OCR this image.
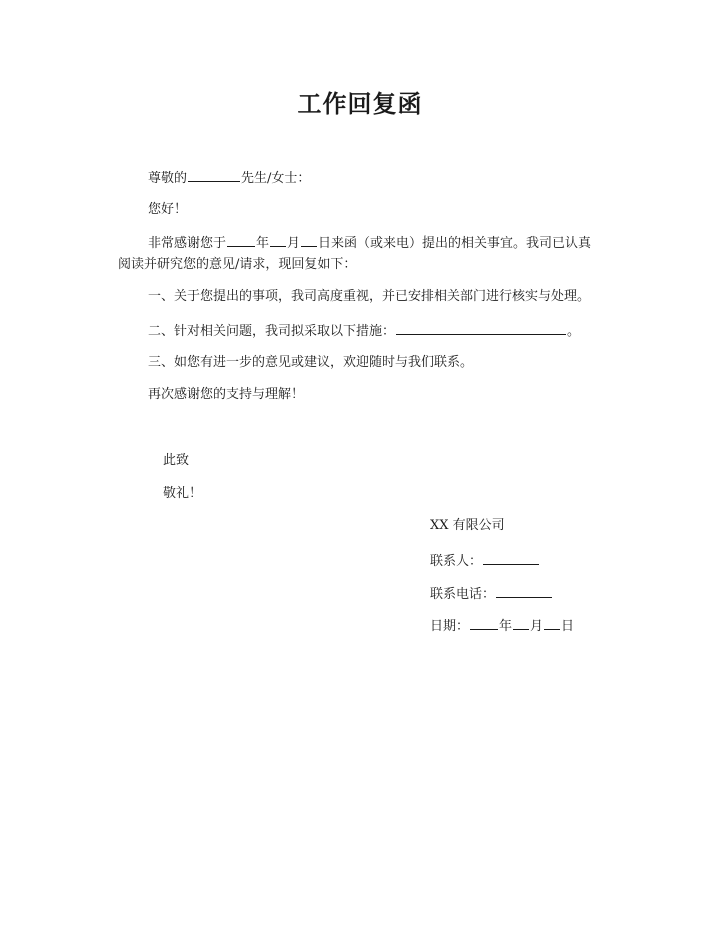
工作回复函
尊敬的	先生/女士：
您好！
非常感谢您于 年 月 日来函（或来电）提出的相关事宜。我司已认真
阅读并研究您的意见/请求，现回复如下：
一、关于您提出的事项，我司高度重视，并已安排相关部门进行核实与处理。
二、针对相关问题，我司拟采取以下措施：	。
三、如您有进一步的意见或建议，欢迎随时与我们联系。
再次感谢您的支持与理解！
此致
敬礼！
XX 有限公司
联系人：
联系电话：
日期： 年 月 日
